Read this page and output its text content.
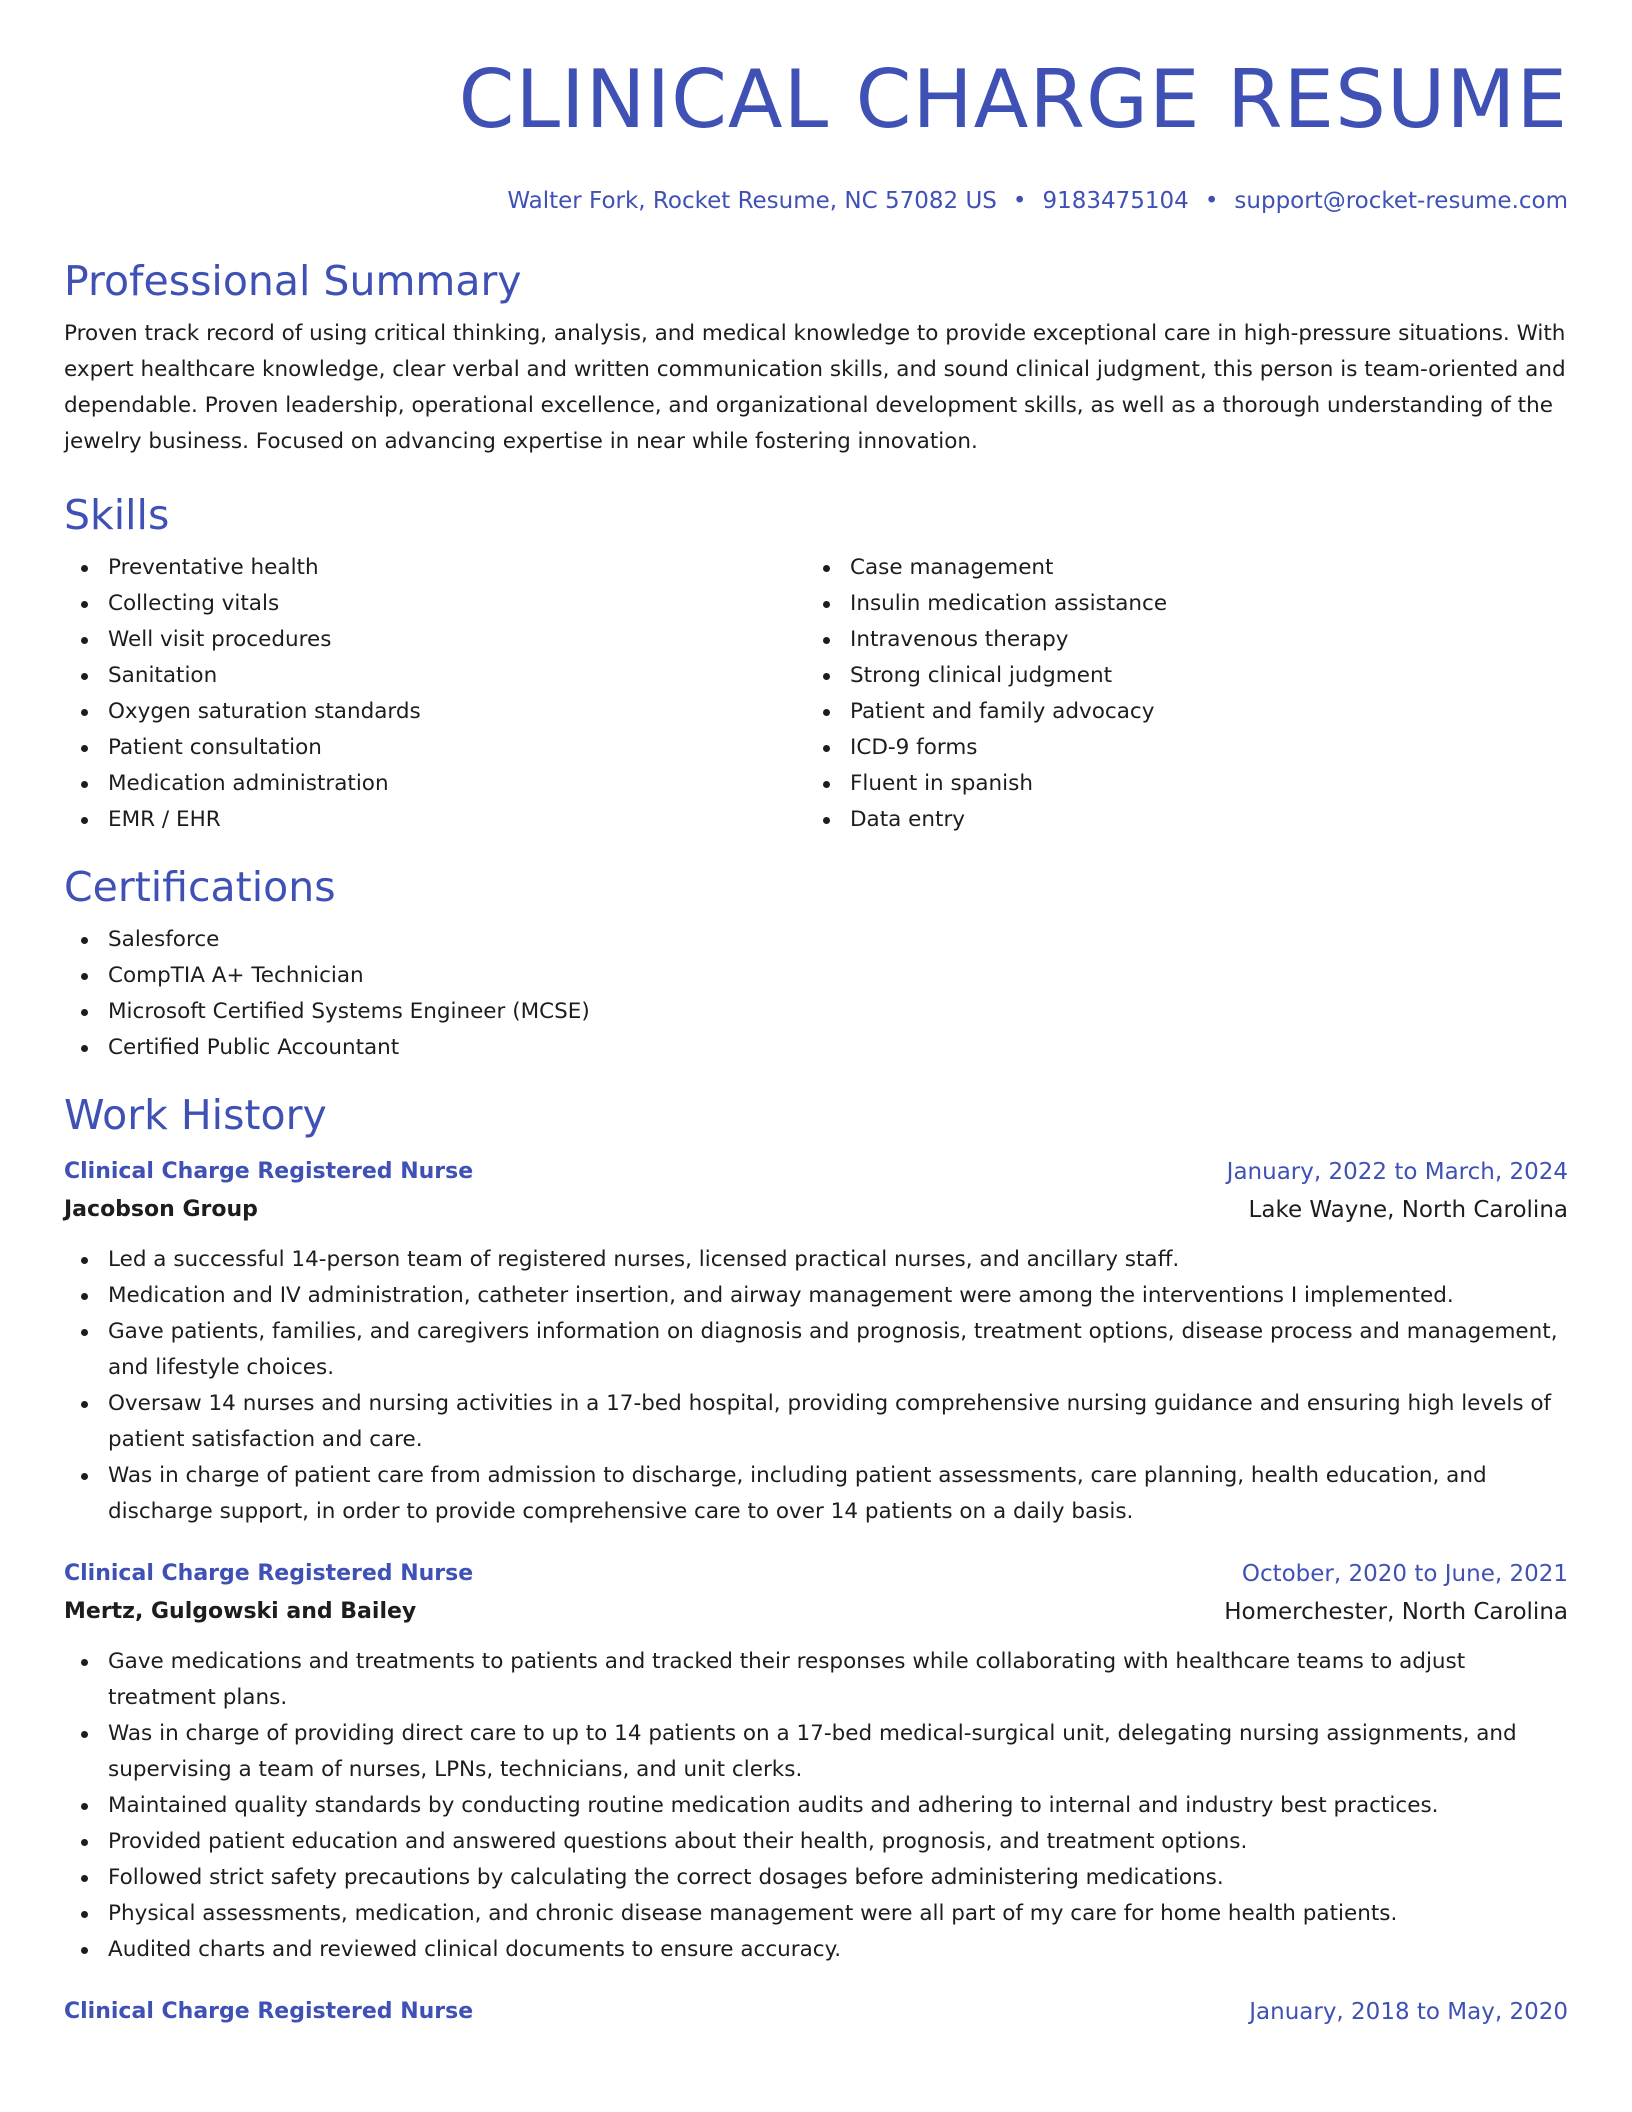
CLINICAL CHARGE RESUME
Walter Fork, Rocket Resume, NC 57082 US • 9183475104 • support@rocket-resume.com
Professional Summary

Proven track record of using critical thinking, analysis, and medical knowledge to provide exceptional care in high-pressure situations. With expert healthcare knowledge, clear verbal and written communication skills, and sound clinical judgment, this person is team-oriented and dependable. Proven leadership, operational excellence, and organizational development skills, as well as a thorough understanding of the jewelry business. Focused on advancing expertise in near while fostering innovation.

Skills
Preventative health
Collecting vitals
Well visit procedures
Sanitation
Oxygen saturation standards
Patient consultation
Medication administration
EMR / EHR
Case management
Insulin medication assistance
Intravenous therapy
Strong clinical judgment
Patient and family advocacy
ICD-9 forms
Fluent in spanish
Data entry
Certifications
Salesforce
CompTIA A+ Technician
Microsoft Certified Systems Engineer (MCSE)
Certified Public Accountant
Work History
Clinical Charge Registered Nurse	January, 2022 to March, 2024
Jacobson Group	Lake Wayne, North Carolina
Led a successful 14-person team of registered nurses, licensed practical nurses, and ancillary staff.
Medication and IV administration, catheter insertion, and airway management were among the interventions I implemented.
Gave patients, families, and caregivers information on diagnosis and prognosis, treatment options, disease process and management, and lifestyle choices.
Oversaw 14 nurses and nursing activities in a 17-bed hospital, providing comprehensive nursing guidance and ensuring high levels of patient satisfaction and care.
Was in charge of patient care from admission to discharge, including patient assessments, care planning, health education, and discharge support, in order to provide comprehensive care to over 14 patients on a daily basis.
Clinical Charge Registered Nurse	October, 2020 to June, 2021
Mertz, Gulgowski and Bailey	Homerchester, North Carolina
Gave medications and treatments to patients and tracked their responses while collaborating with healthcare teams to adjust treatment plans.
Was in charge of providing direct care to up to 14 patients on a 17-bed medical-surgical unit, delegating nursing assignments, and supervising a team of nurses, LPNs, technicians, and unit clerks.
Maintained quality standards by conducting routine medication audits and adhering to internal and industry best practices.
Provided patient education and answered questions about their health, prognosis, and treatment options.
Followed strict safety precautions by calculating the correct dosages before administering medications.
Physical assessments, medication, and chronic disease management were all part of my care for home health patients.
Audited charts and reviewed clinical documents to ensure accuracy.
Clinical Charge Registered Nurse	January, 2018 to May, 2020
